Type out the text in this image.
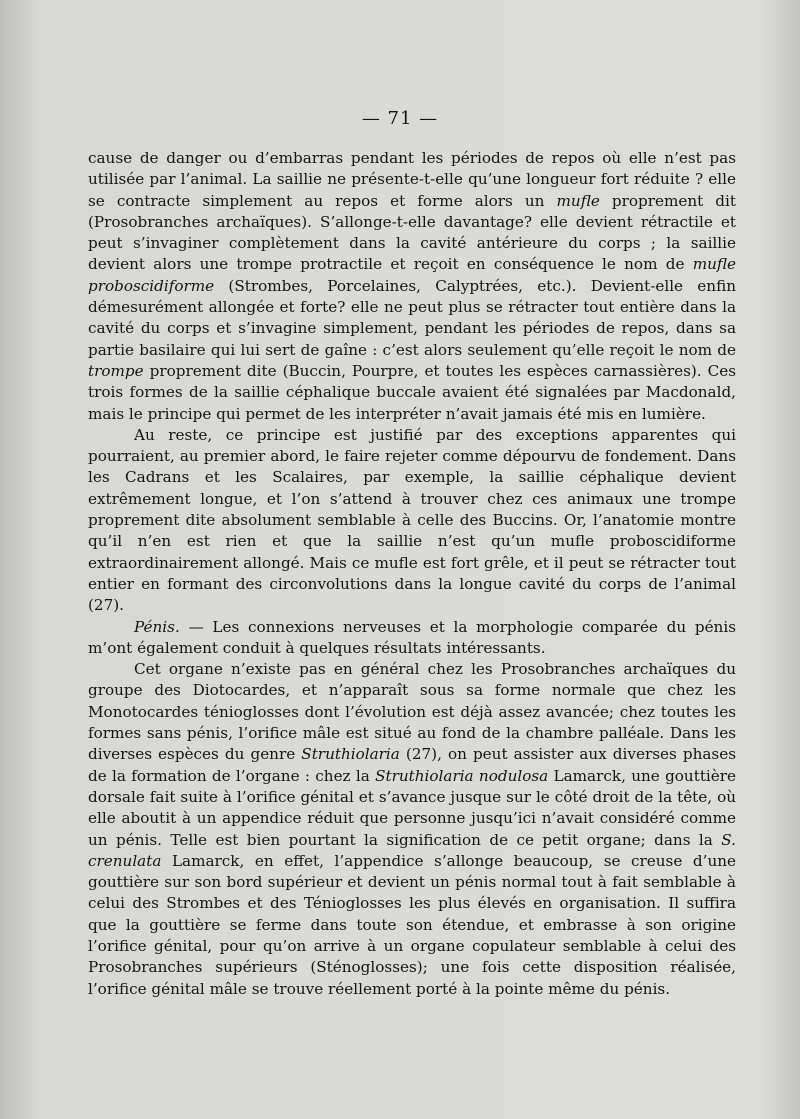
— 71 —

cause de danger ou d’embarras pendant les périodes de repos où elle n’est pas utilisée par l’animal. La saillie ne présente-t-elle qu’une longueur fort réduite ? elle se contracte simplement au repos et forme alors un mufle proprement dit (Prosobranches archaïques). S’allonge-t-elle davantage? elle devient rétractile et peut s’invaginer complètement dans la cavité antérieure du corps ; la saillie devient alors une trompe protractile et reçoit en conséquence le nom de mufle proboscidiforme (Strombes, Porcelaines, Calyptrées, etc.). Devient-elle enfin démesurément allongée et forte? elle ne peut plus se rétracter tout entière dans la cavité du corps et s’invagine simplement, pendant les périodes de repos, dans sa partie basilaire qui lui sert de gaîne : c’est alors seulement qu’elle reçoit le nom de trompe proprement dite (Buccin, Pourpre, et toutes les espèces carnassières). Ces trois formes de la saillie céphalique buccale avaient été signalées par Macdonald, mais le principe qui permet de les interpréter n’avait jamais été mis en lumière.

Au reste, ce principe est justifié par des exceptions apparentes qui pourraient, au premier abord, le faire rejeter comme dépourvu de fondement. Dans les Cadrans et les Scalaires, par exemple, la saillie céphalique devient extrêmement longue, et l’on s’attend à trouver chez ces animaux une trompe proprement dite absolument semblable à celle des Buccins. Or, l’anatomie montre qu’il n’en est rien et que la saillie n’est qu’un mufle proboscidiforme extraordinairement allongé. Mais ce mufle est fort grêle, et il peut se rétracter tout entier en formant des circonvolutions dans la longue cavité du corps de l’animal (27).

Pénis. — Les connexions nerveuses et la morphologie comparée du pénis m’ont également conduit à quelques résultats intéressants.

Cet organe n’existe pas en général chez les Prosobranches archaïques du groupe des Diotocardes, et n’apparaît sous sa forme normale que chez les Monotocardes ténioglosses dont l’évolution est déjà assez avancée; chez toutes les formes sans pénis, l’orifice mâle est situé au fond de la chambre palléale. Dans les diverses espèces du genre Struthiolaria (27), on peut assister aux diverses phases de la formation de l’organe : chez la Struthiolaria nodulosa Lamarck, une gouttière dorsale fait suite à l’orifice génital et s’avance jusque sur le côté droit de la tête, où elle aboutit à un appendice réduit que personne jusqu’ici n’avait considéré comme un pénis. Telle est bien pourtant la signification de ce petit organe; dans la S. crenulata Lamarck, en effet, l’appendice s’allonge beaucoup, se creuse d’une gouttière sur son bord supérieur et devient un pénis normal tout à fait semblable à celui des Strombes et des Ténioglosses les plus élevés en organisation. Il suffira que la gouttière se ferme dans toute son étendue, et embrasse à son origine l’orifice génital, pour qu’on arrive à un organe copulateur semblable à celui des Prosobranches supérieurs (Sténoglosses); une fois cette disposition réalisée, l’orifice génital mâle se trouve réellement porté à la pointe même du pénis.
